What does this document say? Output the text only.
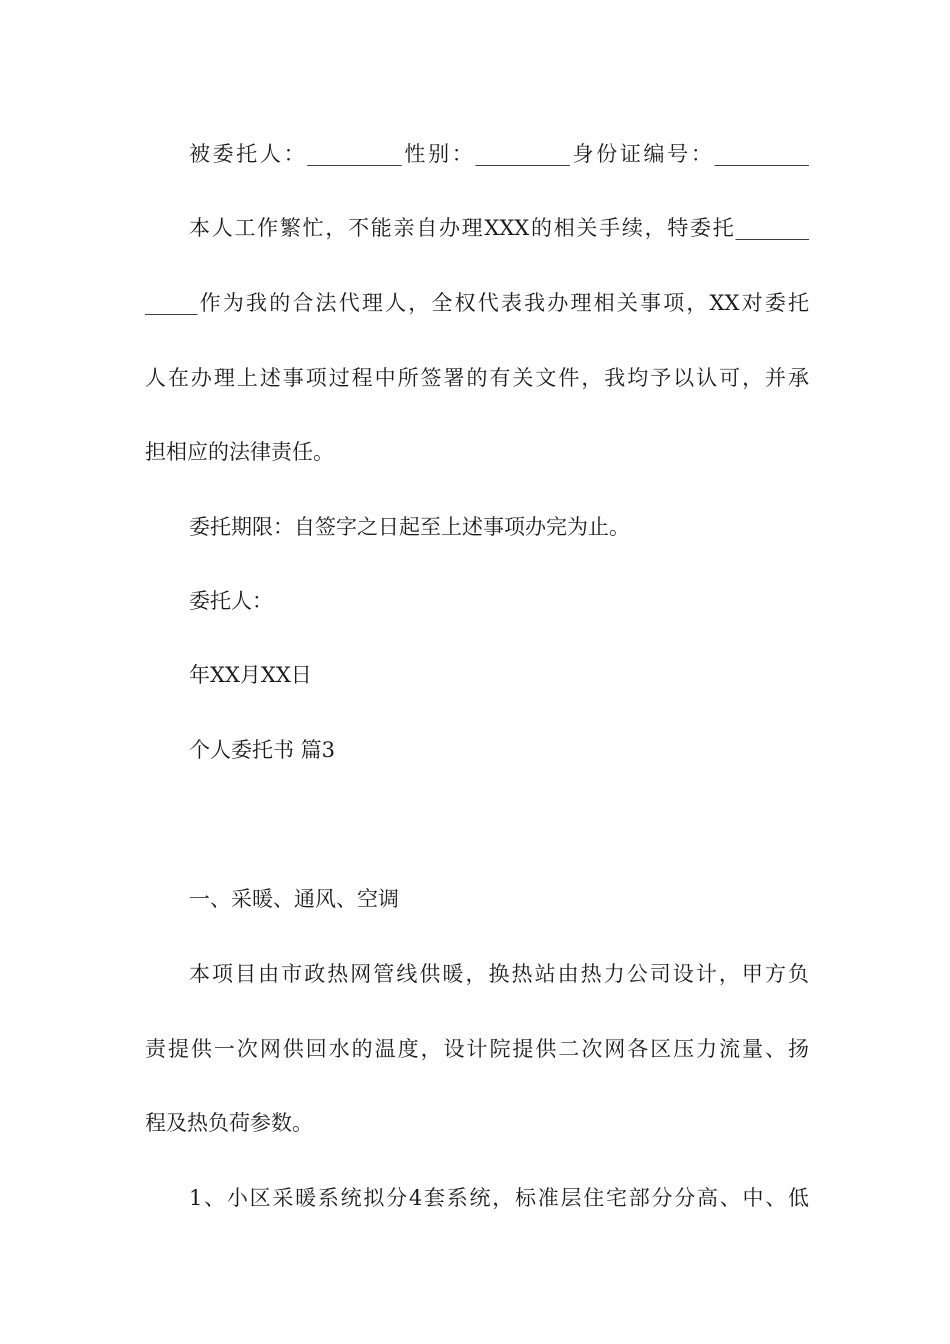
被委托人：_________性别：_________身份证编号：_________
本人工作繁忙，不能亲自办理XXX的相关手续，特委托_______
_____作为我的合法代理人，全权代表我办理相关事项，XX对委托
人在办理上述事项过程中所签署的有关文件，我均予以认可，并承
担相应的法律责任。
委托期限：自签字之日起至上述事项办完为止。
委托人：
年XX月XX日
个人委托书 篇3
一、采暖、通风、空调
本项目由市政热网管线供暖，换热站由热力公司设计，甲方负
责提供一次网供回水的温度，设计院提供二次网各区压力流量、扬
程及热负荷参数。
1、小区采暖系统拟分4套系统，标准层住宅部分分高、中、低
